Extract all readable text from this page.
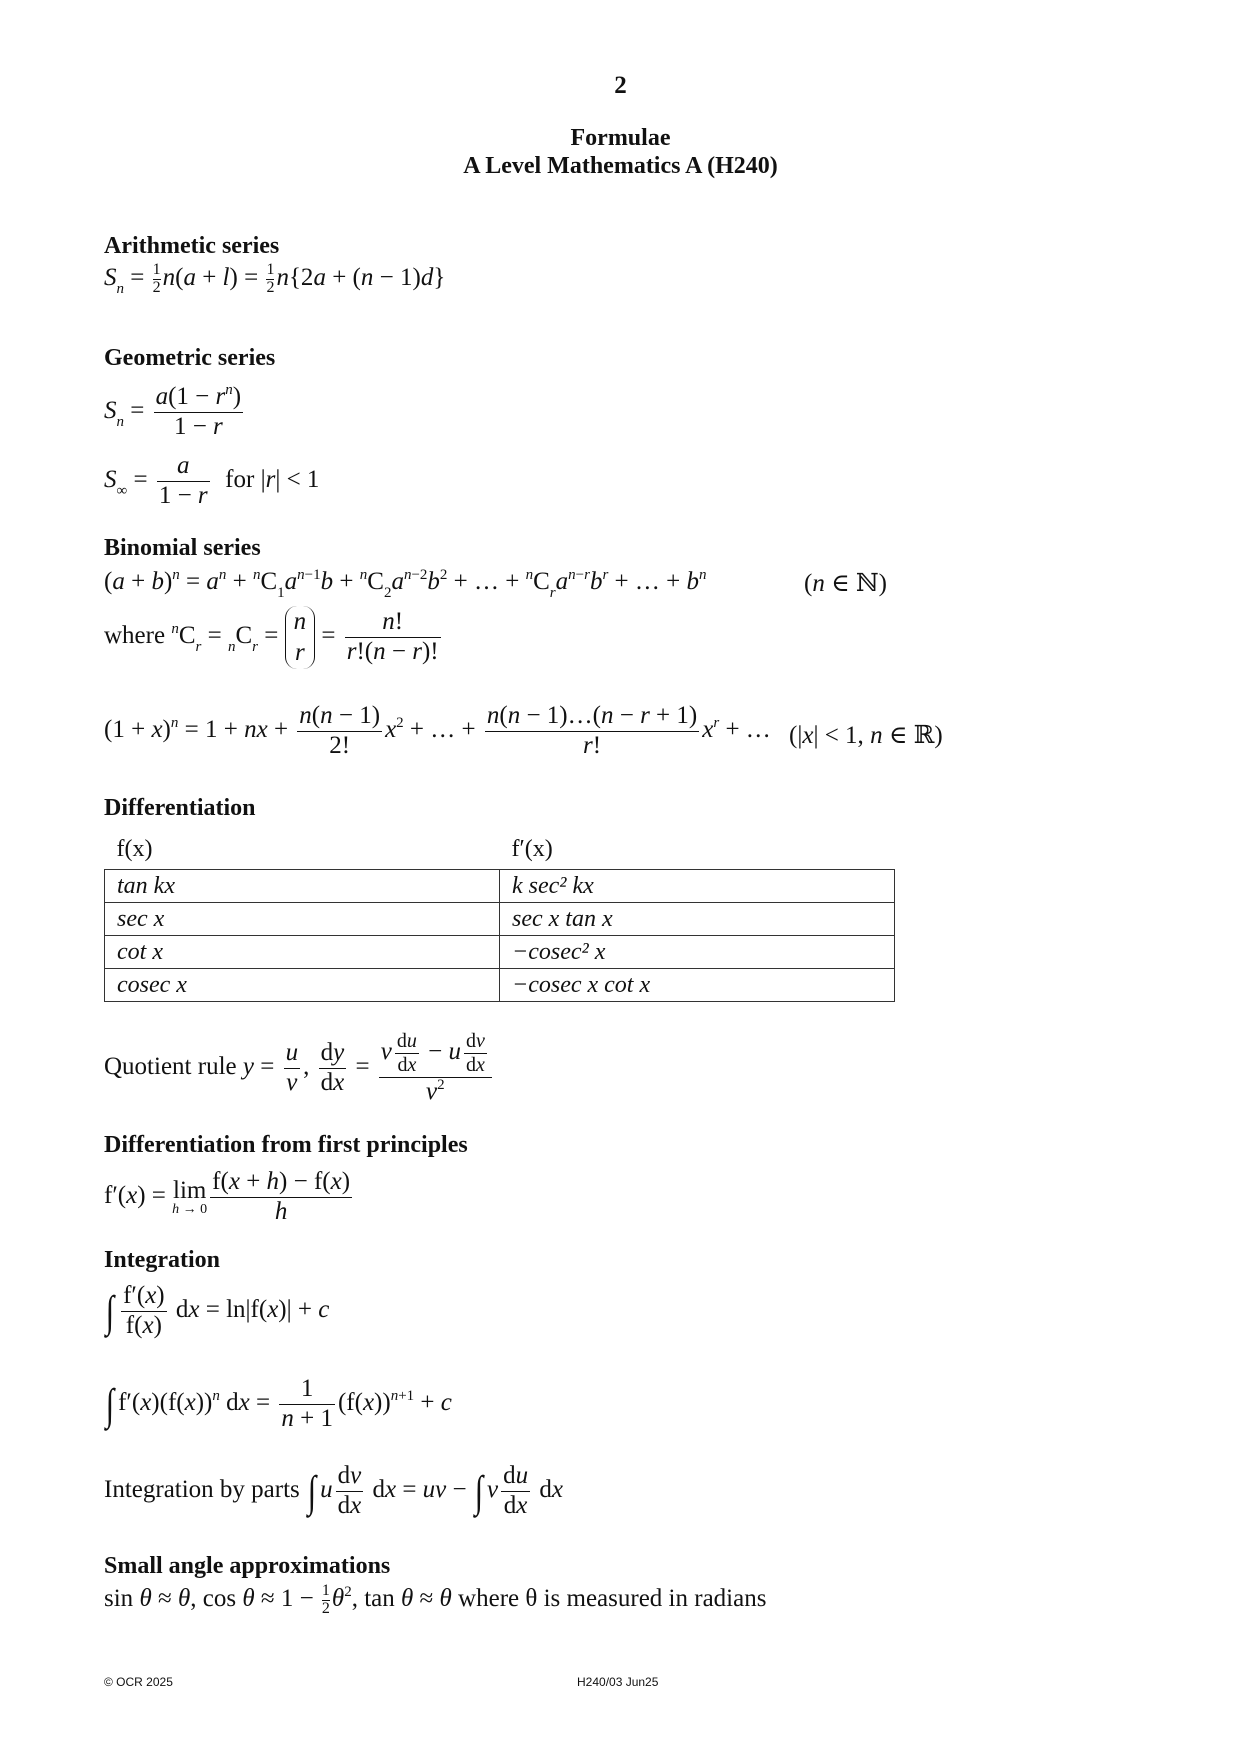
2
Formulae
A Level Mathematics A (H240)
Arithmetic series
$S_n = \frac{1}{2} n(a + l) = \frac{1}{2} n\{2a + (n - 1)d\}$
Geometric series
$S_n = \frac{a(1 - r^n)}{1 - r}$
$S_\infty = \frac{a}{1 - r}$ for |r| < 1
Binomial series
$(a + b)^n = a^n + ^nC_1a^{n-1}b + ^nC_2a^{n-2}b^2$ + … + $^nC_ra^{n-r}b^r$ + … + $b^n$	(n ∈ ℕ)
where $^nC_r = _nC_r$ =
n
r
= $\frac{n!}{r!(n - r)!}$
$(1 + x)^n = 1$ + nx + $\frac{n(n - 1)}{2!} x^2$ + … + $\frac{n(n - 1)\dots(n - r + 1)}{r!} x^r$ + … (|x| < 1, n ∈ ℝ)
Differentiation
f(x)	f′(x)
tan kx	k sec² kx
sec x	sec x tan x
cot x	−cosec² x
cosec x	−cosec x cot x
Quotient rule $y = \frac{u}{v}$ , $\frac{dy}{dx} = \frac{v \frac{du}{dx} - u \frac{dv}{dx}}{v^2}$
Differentiation from first principles
f′(x) = lim
$h \to 0 \frac{f(x + h) - f(x)}{h}$
Integration
∫ $\frac{f'(x)}{f(x)}$ dx = ln|f(x)| + c
∫ $f'(x)(f(x))^n$ dx = $\frac{1}{n + 1} (f(x))^{n+1} + c$
Integration by parts ∫ u $\frac{dv}{dx}$ dx = uv − ∫ v $\frac{du}{dx}$ dx
Small angle approximations
sin θ ≈ θ, $\cos \theta \approx 1 - \frac{1}{2} \theta^2$, tan θ ≈ θ where θ is measured in radians
© OCR 2025	H240/03 Jun25
